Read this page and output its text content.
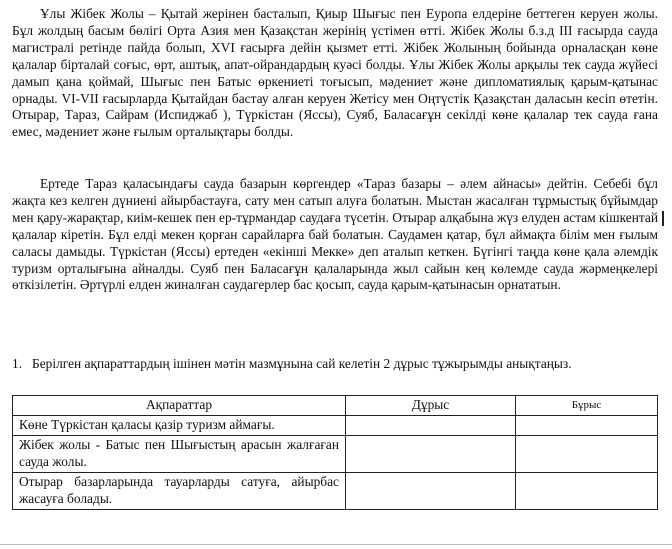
Ұлы Жібек Жолы – Қытай жерінен басталып, Қиыр Шығыс пен Еуропа елдеріне беттеген керуен жолы. Бұл жолдың басым бөлігі Орта Азия мен Қазақстан жерінің үстімен өтті. Жібек Жолы б.з.д ІІІ ғасырда сауда магистралі ретінде пайда болып, ХVІ ғасырға дейін қызмет етті. Жібек Жолының бойында орналасқан көне қалалар бірталай соғыс, өрт, аштық, апат-ойрандардың куәсі болды. Ұлы Жібек Жолы арқылы тек сауда жүйесі дамып қана қоймай, Шығыс пен Батыс өркениеті тоғысып, мәдениет және дипломатиялық қарым-қатынас орнады. VІ-VІІ ғасырларда Қытайдан бастау алған керуен Жетісу мен Оңтүстік Қазақстан даласын кесіп өтетін. Отырар, Тараз, Сайрам (Испиджаб ), Түркістан (Яссы), Суяб, Баласағұн секілді көне қалалар тек сауда ғана емес, мәдениет және ғылым орталықтары болды.

Ертеде Тараз қаласындағы сауда базарын көргендер «Тараз базары – әлем айнасы» дейтін. Себебі бұл жақта кез келген дүниені айырбастауға, сату мен сатып алуға болатын. Мыстан жасалған тұрмыстық бұйымдар мен қару-жарақтар, киім-кешек пен ер-тұрмандар саудаға түсетін. Отырар алқабына жүз елуден астам кішкентай қалалар кіретін. Бұл елді мекен қорған сарайларға бай болатын. Саудамен қатар, бұл аймақта білім мен ғылым саласы дамыды. Түркістан (Яссы) ертеден «екінші Мекке» деп аталып кеткен. Бүгінгі таңда көне қала әлемдік туризм орталығына айналды. Суяб пен Баласағұн қалаларында жыл сайын кең көлемде сауда жәрмеңкелері өткізілетін. Әртүрлі елден жиналған саудагерлер бас қосып, сауда қарым-қатынасын орнататын.

1. Берілген ақпараттардың ішінен мәтін мазмұнына сай келетін 2 дұрыс тұжырымды анықтаңыз.

Ақпараттар	Дұрыс	Бұрыс
Көне Түркістан қаласы қазір туризм аймағы.		
Жібек жолы - Батыс пен Шығыстың арасын жалғаған сауда жолы.		
Отырар базарларында тауарларды сатуға, айырбас жасауға болады.		
